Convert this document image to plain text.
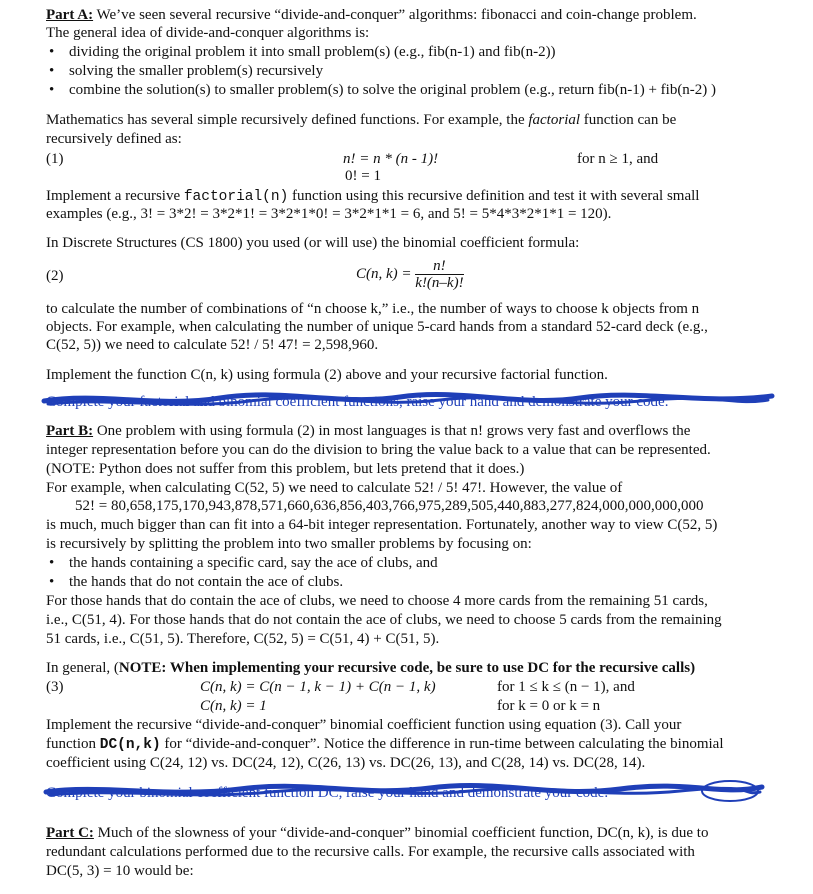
Part A: We’ve seen several recursive “divide-and-conquer” algorithms: fibonacci and coin-change problem.
The general idea of divide-and-conquer algorithms is:
dividing the original problem it into small problem(s) (e.g., fib(n-1) and fib(n-2))
solving the smaller problem(s) recursively
combine the solution(s) to smaller problem(s) to solve the original problem (e.g., return fib(n-1) + fib(n-2) )
Mathematics has several simple recursively defined functions. For example, the factorial function can be
recursively defined as:
(1)	n! = n * (n - 1)!	for n ≥ 1, and
0! = 1
Implement a recursive factorial(n) function using this recursive definition and test it with several small
examples (e.g., 3! = 3*2! = 3*2*1! = 3*2*1*0! = 3*2*1*1 = 6, and 5! = 5*4*3*2*1*1 = 120).
In Discrete Structures (CS 1800) you used (or will use) the binomial coefficient formula:
(2)	C(n, $k) = \frac{n!}{k!(n-k)!}$
to calculate the number of combinations of “n choose k,” i.e., the number of ways to choose k objects from n
objects. For example, when calculating the number of unique 5-card hands from a standard 52-card deck (e.g.,
C(52, 5)) we need to calculate 52! / 5! 47! = 2,598,960.
Implement the function C(n, k) using formula (2) above and your recursive factorial function.
Complete your factorial and binomial coefficient functions, raise your hand and demonstrate your code.
Part B: One problem with using formula (2) in most languages is that n! grows very fast and overflows the
integer representation before you can do the division to bring the value back to a value that can be represented.
(NOTE: Python does not suffer from this problem, but lets pretend that it does.)
For example, when calculating C(52, 5) we need to calculate 52! / 5! 47!. However, the value of
52! = 80,658,175,170,943,878,571,660,636,856,403,766,975,289,505,440,883,277,824,000,000,000,000
is much, much bigger than can fit into a 64-bit integer representation. Fortunately, another way to view C(52, 5)
is recursively by splitting the problem into two smaller problems by focusing on:
the hands containing a specific card, say the ace of clubs, and
the hands that do not contain the ace of clubs.
For those hands that do contain the ace of clubs, we need to choose 4 more cards from the remaining 51 cards,
i.e., C(51, 4). For those hands that do not contain the ace of clubs, we need to choose 5 cards from the remaining
51 cards, i.e., C(51, 5). Therefore, C(52, 5) = C(51, 4) + C(51, 5).
In general, (NOTE: When implementing your recursive code, be sure to use DC for the recursive calls)
(3)	C(n, k) = C(n − 1, k − 1) + C(n − 1, k)	for 1 ≤ k ≤ (n − 1), and
C(n, k) = 1	for k = 0 or k = n
Implement the recursive “divide-and-conquer” binomial coefficient function using equation (3). Call your
function DC(n,k) for “divide-and-conquer”. Notice the difference in run-time between calculating the binomial
coefficient using C(24, 12) vs. DC(24, 12), C(26, 13) vs. DC(26, 13), and C(28, 14) vs. DC(28, 14).
Complete your binomial coefficient function DC, raise your hand and demonstrate your code.
Part C: Much of the slowness of your “divide-and-conquer” binomial coefficient function, DC(n, k), is due to
redundant calculations performed due to the recursive calls. For example, the recursive calls associated with
DC(5, 3) = 10 would be:
